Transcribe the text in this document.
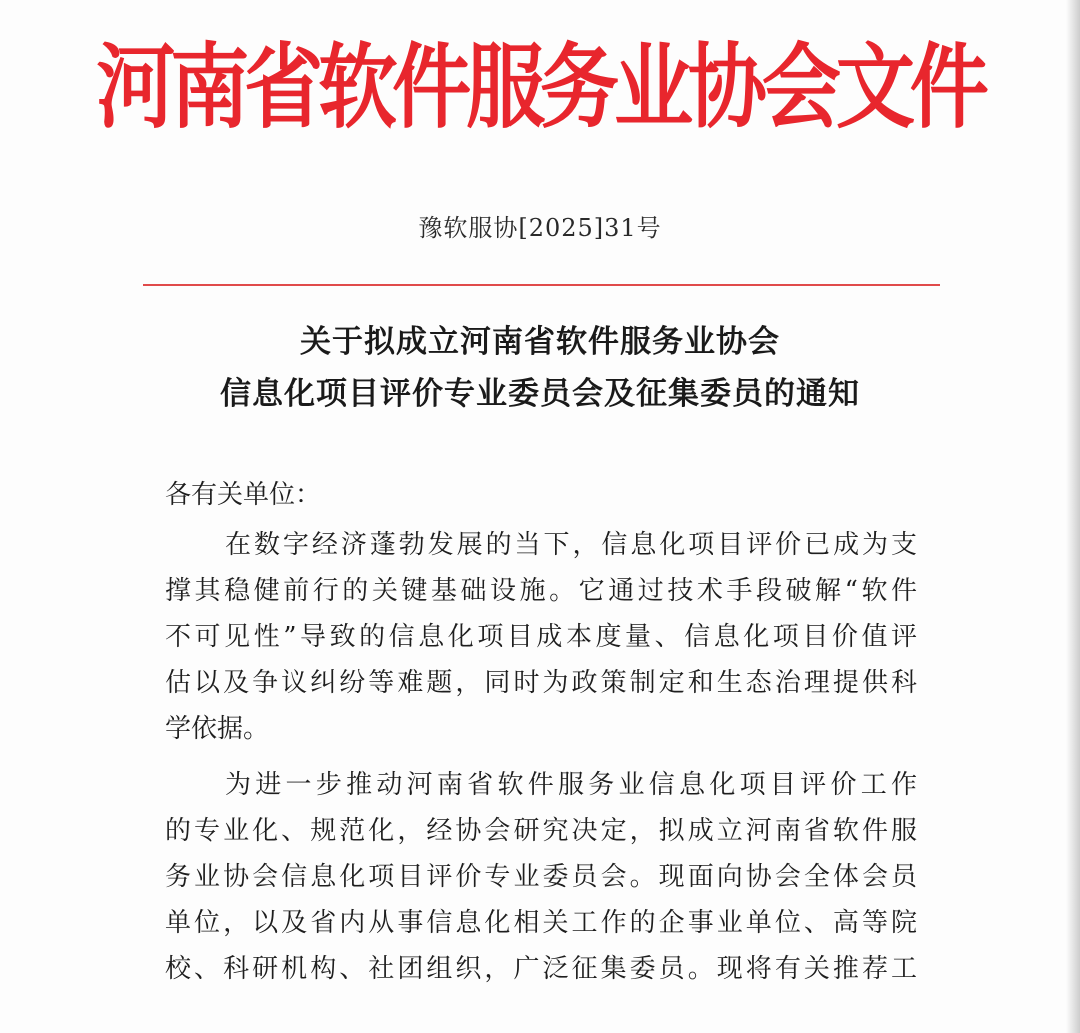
河南省软件服务业协会文件
豫软服协[2025]31号
关于拟成立河南省软件服务业协会
信息化项目评价专业委员会及征集委员的通知
各有关单位：
在数字经济蓬勃发展的当下，信息化项目评价已成为支
撑其稳健前行的关键基础设施。它通过技术手段破解“软件
不可见性”导致的信息化项目成本度量、信息化项目价值评
估以及争议纠纷等难题，同时为政策制定和生态治理提供科
学依据。
为进一步推动河南省软件服务业信息化项目评价工作
的专业化、规范化，经协会研究决定，拟成立河南省软件服
务业协会信息化项目评价专业委员会。现面向协会全体会员
单位，以及省内从事信息化相关工作的企事业单位、高等院
校、科研机构、社团组织，广泛征集委员。现将有关推荐工
